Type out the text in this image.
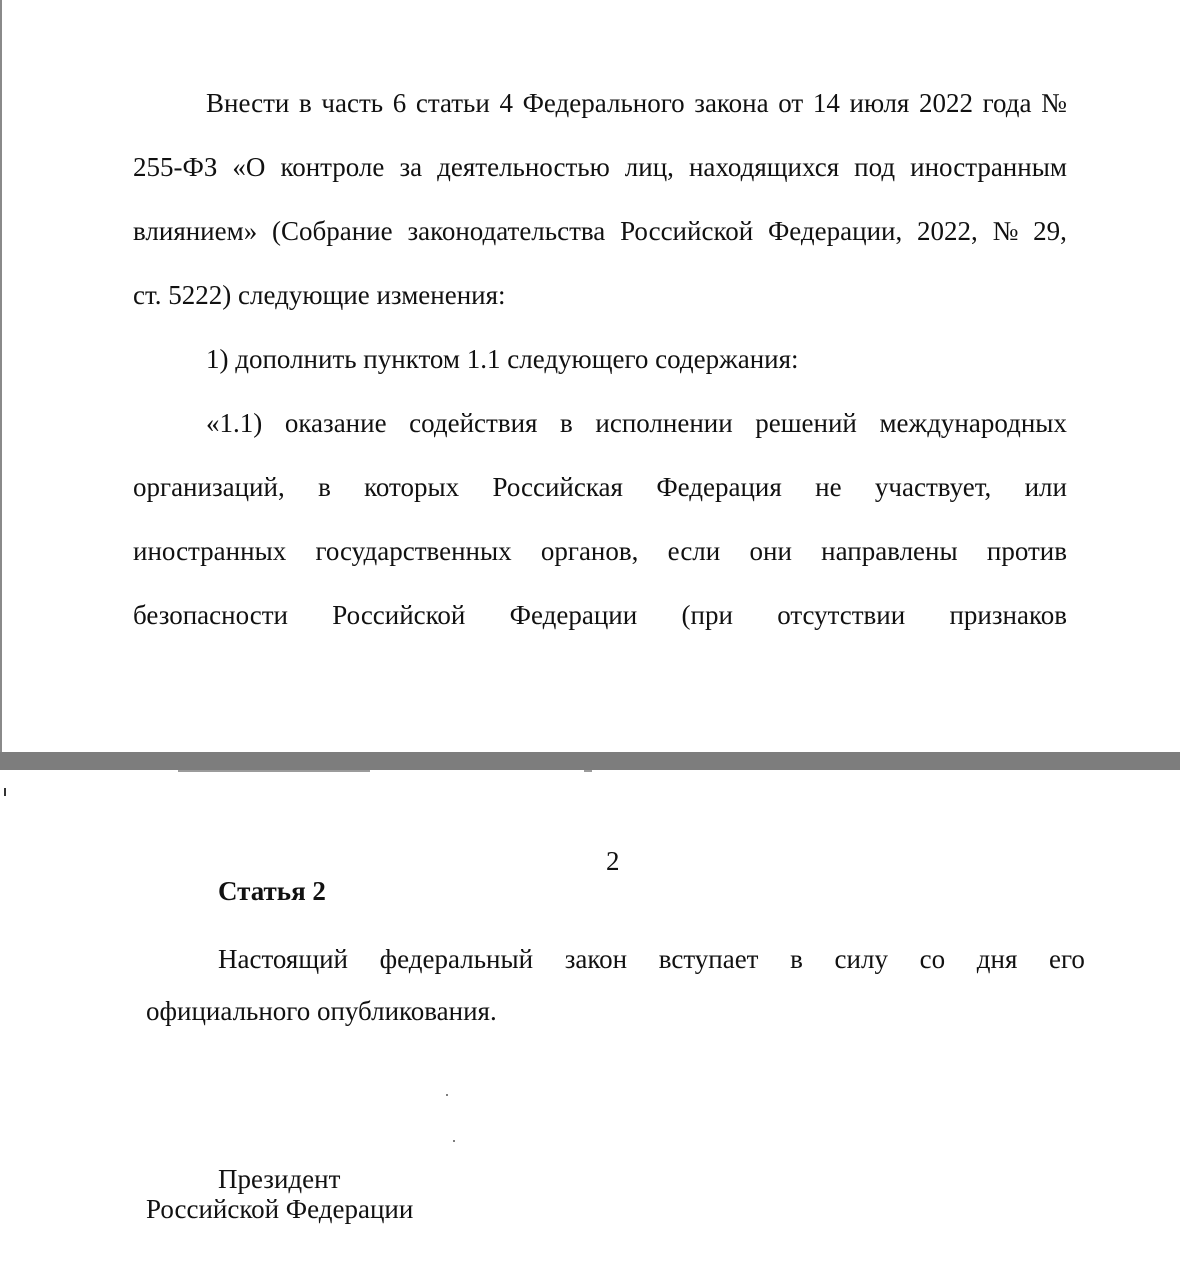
Внести в часть 6 статьи 4 Федерального закона от 14 июля 2022 года №
255-ФЗ «О контроле за деятельностью лиц, находящихся под иностранным
влиянием» (Собрание законодательства Российской Федерации, 2022, № 29,
ст. 5222) следующие изменения:
1) дополнить пунктом 1.1 следующего содержания:
«1.1) оказание содействия в исполнении решений международных
организаций, в которых Российская Федерация не участвует, или
иностранных государственных органов, если они направлены против
безопасности Российской Федерации (при отсутствии признаков
2
Статья 2
Настоящий федеральный закон вступает в силу со дня его
официального опубликования.
Президент
Российской Федерации
